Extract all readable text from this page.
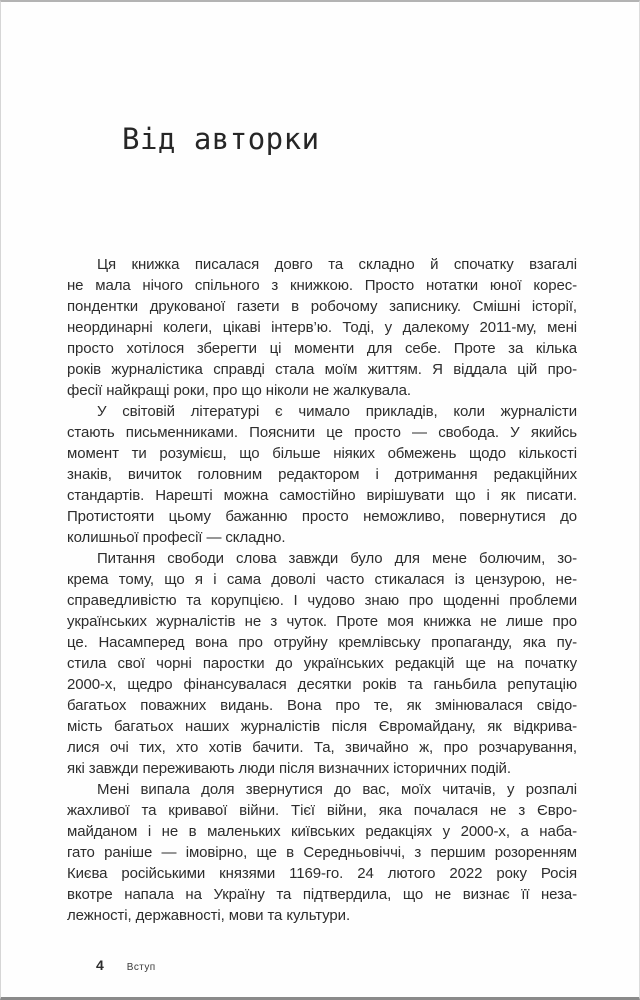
Від авторки
Ця книжка писалася довго та складно й спочатку взагалі
не мала нічого спільного з книжкою. Просто нотатки юної корес-
пондентки друкованої газети в робочому записнику. Смішні історії,
неординарні колеги, цікаві інтерв’ю. Тоді, у далекому 2011-му, мені
просто хотілося зберегти ці моменти для себе. Проте за кілька
років журналістика справді стала моїм життям. Я віддала цій про-
фесії найкращі роки, про що ніколи не жалкувала.
У світовій літературі є чимало прикладів, коли журналісти
стають письменниками. Пояснити це просто — свобода. У якийсь
момент ти розумієш, що більше ніяких обмежень щодо кількості
знаків, вичиток головним редактором і дотримання редакційних
стандартів. Нарешті можна самостійно вирішувати що і як писати.
Протистояти цьому бажанню просто неможливо, повернутися до
колишньої професії — складно.
Питання свободи слова завжди було для мене болючим, зо-
крема тому, що я і сама доволі часто стикалася із цензурою, не-
справедливістю та корупцією. І чудово знаю про щоденні проблеми
українських журналістів не з чуток. Проте моя книжка не лише про
це. Насамперед вона про отруйну кремлівську пропаганду, яка пу-
стила свої чорні паростки до українських редакцій ще на початку
2000-х, щедро фінансувалася десятки років та ганьбила репутацію
багатьох поважних видань. Вона про те, як змінювалася свідо-
мість багатьох наших журналістів після Євромайдану, як відкрива-
лися очі тих, хто хотів бачити. Та, звичайно ж, про розчарування,
які завжди переживають люди після визначних історичних подій.
Мені випала доля звернутися до вас, моїх читачів, у розпалі
жахливої та кривавої війни. Тієї війни, яка почалася не з Євро-
майданом і не в маленьких київських редакціях у 2000-х, а наба-
гато раніше — імовірно, ще в Середньовіччі, з першим розоренням
Києва російськими князями 1169-го. 24 лютого 2022 року Росія
вкотре напала на Україну та підтвердила, що не визнає її неза-
лежності, державності, мови та культури.
4 Вступ
